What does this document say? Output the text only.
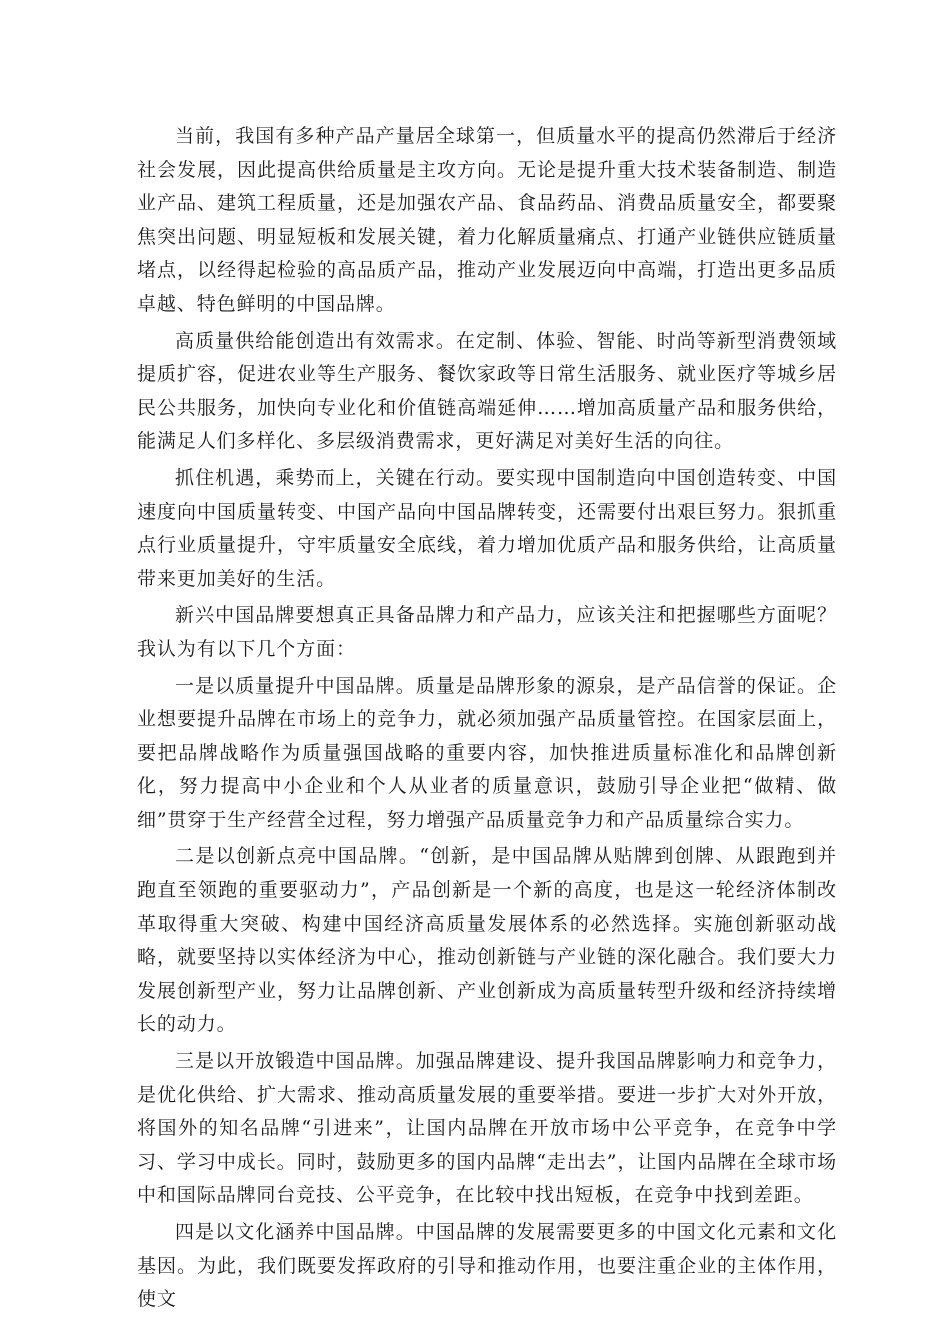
当前，我国有多种产品产量居全球第一，但质量水平的提高仍然滞后于经济社会发展，因此提高供给质量是主攻方向。无论是提升重大技术装备制造、制造业产品、建筑工程质量，还是加强农产品、食品药品、消费品质量安全，都要聚焦突出问题、明显短板和发展关键，着力化解质量痛点、打通产业链供应链质量堵点，以经得起检验的高品质产品，推动产业发展迈向中高端，打造出更多品质卓越、特色鲜明的中国品牌。

高质量供给能创造出有效需求。在定制、体验、智能、时尚等新型消费领域提质扩容，促进农业等生产服务、餐饮家政等日常生活服务、就业医疗等城乡居民公共服务，加快向专业化和价值链高端延伸……增加高质量产品和服务供给，能满足人们多样化、多层级消费需求，更好满足对美好生活的向往。

抓住机遇，乘势而上，关键在行动。要实现中国制造向中国创造转变、中国速度向中国质量转变、中国产品向中国品牌转变，还需要付出艰巨努力。狠抓重点行业质量提升，守牢质量安全底线，着力增加优质产品和服务供给，让高质量带来更加美好的生活。

新兴中国品牌要想真正具备品牌力和产品力，应该关注和把握哪些方面呢？我认为有以下几个方面：

一是以质量提升中国品牌。质量是品牌形象的源泉，是产品信誉的保证。企业想要提升品牌在市场上的竞争力，就必须加强产品质量管控。在国家层面上，要把品牌战略作为质量强国战略的重要内容，加快推进质量标准化和品牌创新化，努力提高中小企业和个人从业者的质量意识，鼓励引导企业把“做精、做细”贯穿于生产经营全过程，努力增强产品质量竞争力和产品质量综合实力。

二是以创新点亮中国品牌。“创新，是中国品牌从贴牌到创牌、从跟跑到并跑直至领跑的重要驱动力”，产品创新是一个新的高度，也是这一轮经济体制改革取得重大突破、构建中国经济高质量发展体系的必然选择。实施创新驱动战略，就要坚持以实体经济为中心，推动创新链与产业链的深化融合。我们要大力发展创新型产业，努力让品牌创新、产业创新成为高质量转型升级和经济持续增长的动力。

三是以开放锻造中国品牌。加强品牌建设、提升我国品牌影响力和竞争力，是优化供给、扩大需求、推动高质量发展的重要举措。要进一步扩大对外开放，将国外的知名品牌“引进来”，让国内品牌在开放市场中公平竞争，在竞争中学习、学习中成长。同时，鼓励更多的国内品牌“走出去”，让国内品牌在全球市场中和国际品牌同台竞技、公平竞争，在比较中找出短板，在竞争中找到差距。

四是以文化涵养中国品牌。中国品牌的发展需要更多的中国文化元素和文化基因。为此，我们既要发挥政府的引导和推动作用，也要注重企业的主体作用，使文
